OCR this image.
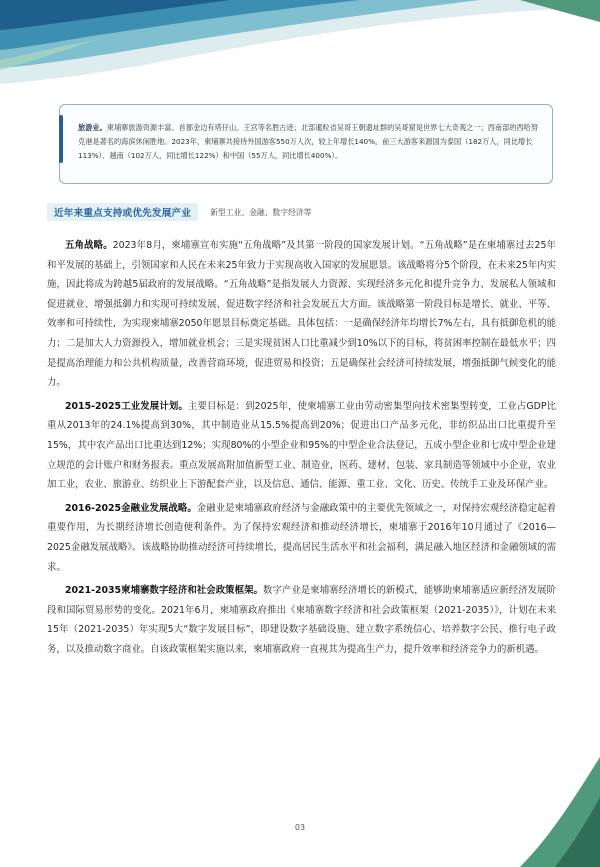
旅游业。柬埔寨旅游资源丰富。首都金边有塔仔山、王宫等名胜古迹；北部暹粒省吴哥王朝遗址群的吴哥窟是世界七大奇观之一；西南部的西哈努克港是著名的海滨休闲胜地。2023年，柬埔寨共接待外国游客550万人次，较上年增长140%，前三大游客来源国为泰国（182万人，同比增长113%）、越南（102万人，同比增长122%）和中国（55万人，同比增长400%）。
近年来重点支持或优先发展产业	新型工业、金融、数字经济等

五角战略。2023年8月，柬埔寨宣布实施“五角战略”及其第一阶段的国家发展计划。“五角战略”是在柬埔寨过去25年和平发展的基础上，引领国家和人民在未来25年致力于实现高收入国家的发展愿景。该战略将分5个阶段，在未来25年内实施，因此将成为跨越5届政府的发展战略。“五角战略”是指发展人力资源、实现经济多元化和提升竞争力、发展私人领域和促进就业、增强抵御力和实现可持续发展、促进数字经济和社会发展五大方面。该战略第一阶段目标是增长、就业、平等、效率和可持续性，为实现柬埔寨2050年愿景目标奠定基础。具体包括：一是确保经济年均增长7%左右，具有抵御危机的能力；二是加大人力资源投入，增加就业机会；三是实现贫困人口比重减少到10%以下的目标，将贫困率控制在最低水平；四是提高治理能力和公共机构质量，改善营商环境，促进贸易和投资；五是确保社会经济可持续发展，增强抵御气候变化的能力。

2015-2025工业发展计划。主要目标是：到2025年，使柬埔寨工业由劳动密集型向技术密集型转变，工业占GDP比重从2013年的24.1%提高到30%，其中制造业从15.5%提高到20%；促进出口产品多元化，非纺织品出口比重提升至15%，其中农产品出口比重达到12%；实现80%的小型企业和95%的中型企业合法登记，五成小型企业和七成中型企业建立规范的会计账户和财务报表。重点发展高附加值新型工业、制造业，医药、建材、包装、家具制造等领域中小企业，农业加工业，农业、旅游业、纺织业上下游配套产业，以及信息、通信、能源、重工业、文化、历史、传统手工业及环保产业。

2016-2025金融业发展战略。金融业是柬埔寨政府经济与金融政策中的主要优先领域之一，对保持宏观经济稳定起着重要作用，为长期经济增长创造便利条件。为了保持宏观经济和推动经济增长，柬埔寨于2016年10月通过了《2016—2025金融发展战略》。该战略协助推动经济可持续增长，提高居民生活水平和社会福利，满足融入地区经济和金融领域的需求。

2021-2035柬埔寨数字经济和社会政策框架。数字产业是柬埔寨经济增长的新模式，能够助柬埔寨适应新经济发展阶段和国际贸易形势的变化。2021年6月，柬埔寨政府推出《柬埔寨数字经济和社会政策框架（2021-2035）》，计划在未来15年（2021-2035）年实现5大“数字发展目标”，即建设数字基础设施、建立数字系统信心、培养数字公民、推行电子政务，以及推动数字商业。自该政策框架实施以来，柬埔寨政府一直视其为提高生产力，提升效率和经济竞争力的新机遇。

03
